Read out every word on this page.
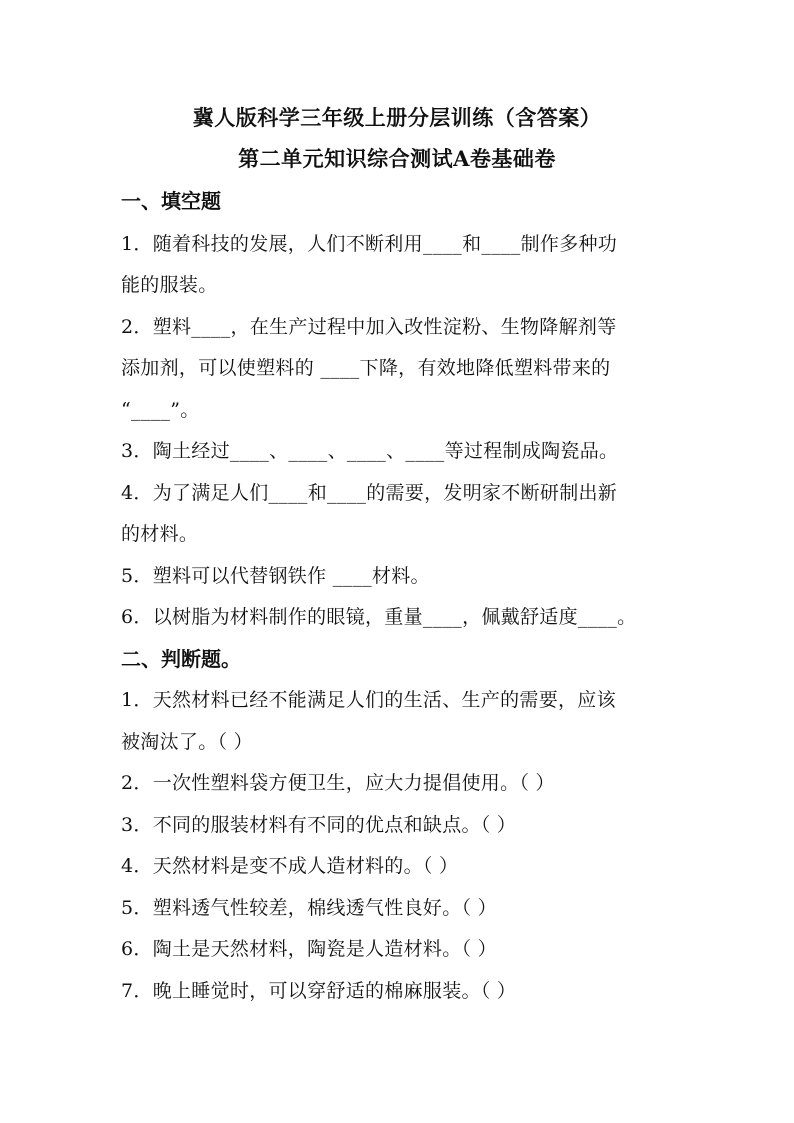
冀人版科学三年级上册分层训练（含答案）
第二单元知识综合测试A卷基础卷
一、填空题
1．随着科技的发展，人们不断利用____和____制作多种功
能的服装。
2．塑料____，在生产过程中加入改性淀粉、生物降解剂等
添加剂，可以使塑料的 ____下降，有效地降低塑料带来的
“____”。
3．陶土经过____、____、____、____等过程制成陶瓷品。
4．为了满足人们____和____的需要，发明家不断研制出新
的材料。
5．塑料可以代替钢铁作 ____材料。
6．以树脂为材料制作的眼镜，重量____，佩戴舒适度____。
二、判断题。
1．天然材料已经不能满足人们的生活、生产的需要，应该
被淘汰了。（ ）
2．一次性塑料袋方便卫生，应大力提倡使用。（ ）
3．不同的服装材料有不同的优点和缺点。（ ）
4．天然材料是变不成人造材料的。（ ）
5．塑料透气性较差，棉线透气性良好。（ ）
6．陶土是天然材料，陶瓷是人造材料。（ ）
7．晚上睡觉时，可以穿舒适的棉麻服装。（ ）
